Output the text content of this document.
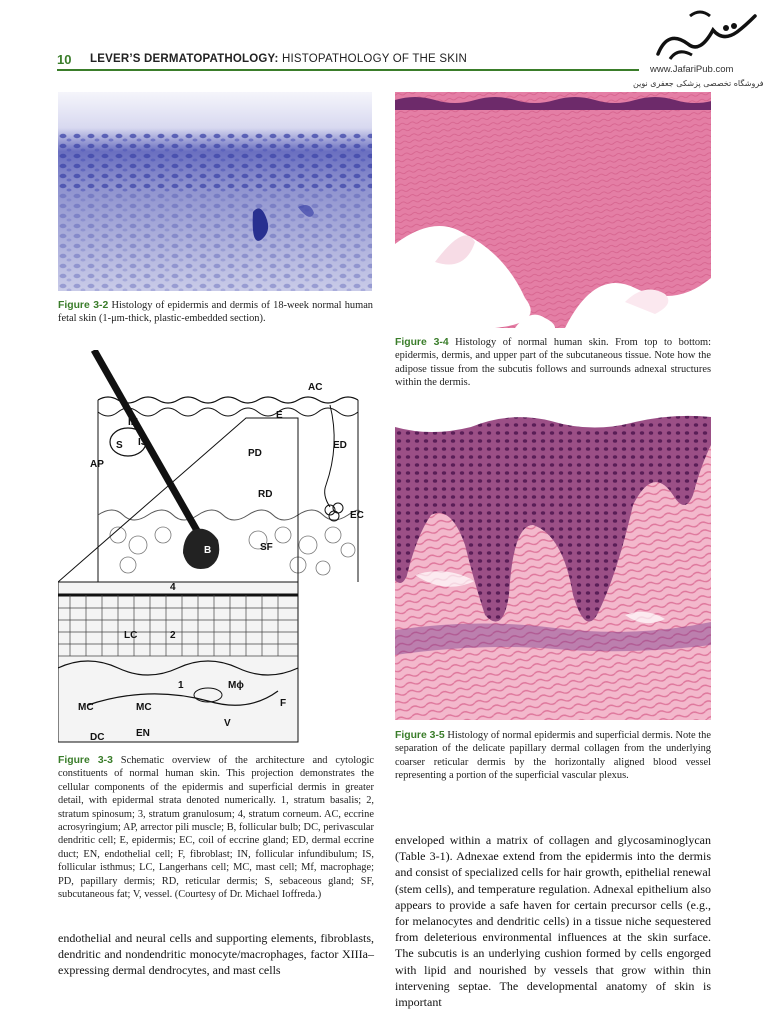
10 LEVER’S DERMATOPATHOLOGY: HISTOPATHOLOGY OF THE SKIN
www.JafariPub.com
فروشگاه تخصصی پزشکی جعفری نوین
Figure 3-2 Histology of epidermis and dermis of 18-week normal human fetal skin (1-μm-thick, plastic-embedded section).
Figure 3-4 Histology of normal human skin. From top to bottom: epidermis, dermis, and upper part of the subcutaneous tissue. Note how the adipose tissue from the subcutis follows and surrounds adnexal structures within the dermis.
Figure 3-5 Histology of normal epidermis and superficial dermis. Note the separation of the delicate papillary dermal collagen from the underlying coarser reticular dermis by the horizontally aligned blood vessel representing a portion of the superficial vascular plexus.
AC
E
IN
IS
S
AP
PD
ED
RD
EC
SF
B
4
LC	2
1
MC	MC
Mϕ
F
V
DC	EN
Figure 3-3 Schematic overview of the architecture and cytologic constituents of normal human skin. This projection demonstrates the cellular components of the epidermis and superficial dermis in greater detail, with epidermal strata denoted numerically. 1, stratum basalis; 2, stratum spinosum; 3, stratum granulosum; 4, stratum corneum. AC, eccrine acrosyringium; AP, arrector pili muscle; B, follicular bulb; DC, perivascular dendritic cell; E, epidermis; EC, coil of eccrine gland; ED, dermal eccrine duct; EN, endothelial cell; F, fibroblast; IN, follicular infundibulum; IS, follicular isthmus; LC, Langerhans cell; MC, mast cell; Mf, macrophage; PD, papillary dermis; RD, reticular dermis; S, sebaceous gland; SF, subcutaneous fat; V, vessel. (Courtesy of Dr. Michael Ioffreda.)
endothelial and neural cells and supporting elements, fibroblasts, dendritic and nondendritic monocyte/macrophages, factor XIIIa–expressing dermal dendrocytes, and mast cells
enveloped within a matrix of collagen and glycosaminoglycan (Table 3-1). Adnexae extend from the epidermis into the dermis and consist of specialized cells for hair growth, epithelial renewal (stem cells), and temperature regulation. Adnexal epithelium also appears to provide a safe haven for certain precursor cells (e.g., for melanocytes and dendritic cells) in a tissue niche sequestered from deleterious environmental influences at the skin surface. The subcutis is an underlying cushion formed by cells engorged with lipid and nourished by vessels that grow within thin intervening septae. The developmental anatomy of skin is important
